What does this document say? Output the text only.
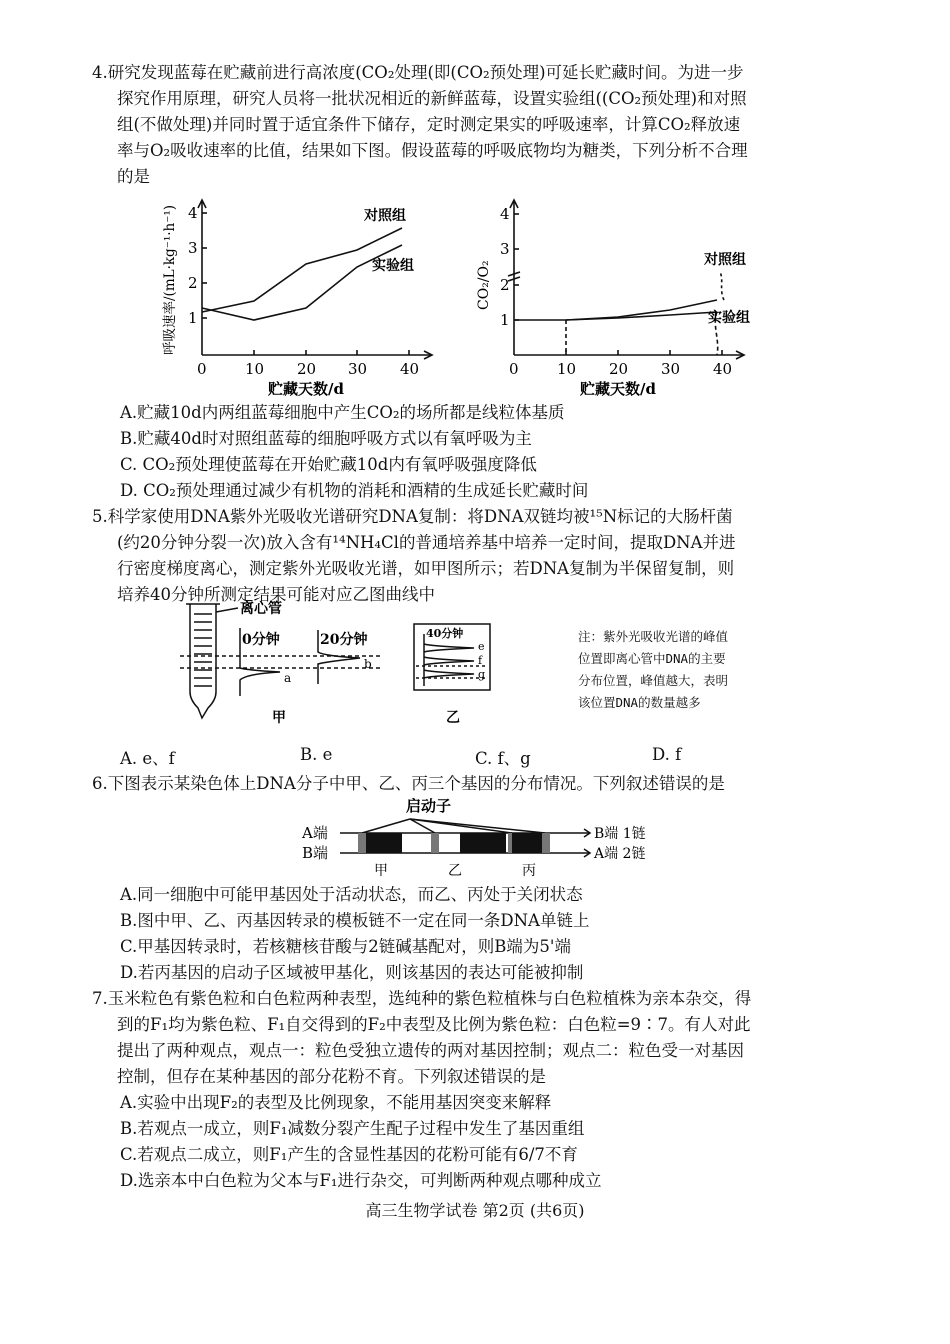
4.研究发现蓝莓在贮藏前进行高浓度(CO₂处理(即(CO₂预处理)可延长贮藏时间。为进一步
探究作用原理，研究人员将一批状况相近的新鲜蓝莓，设置实验组((CO₂预处理)和对照
组(不做处理)并同时置于适宜条件下储存，定时测定果实的呼吸速率，计算CO₂释放速
率与O₂吸收速率的比值，结果如下图。假设蓝莓的呼吸底物均为糖类，下列分析不合理
的是
呼吸速率/(mL·kg⁻¹·h⁻¹) 1
2
3
4
0	10 20 30 40
贮藏天数/d
对照组
实验组	CO₂/O₂
1
2
3
4
0	10 20 30 40
贮藏天数/d
对照组
实验组
A.贮藏10d内两组蓝莓细胞中产生CO₂的场所都是线粒体基质
B.贮藏40d时对照组蓝莓的细胞呼吸方式以有氧呼吸为主
C. CO₂预处理使蓝莓在开始贮藏10d内有氧呼吸强度降低
D. CO₂预处理通过减少有机物的消耗和酒精的生成延长贮藏时间
5.科学家使用DNA紫外光吸收光谱研究DNA复制：将DNA双链均被¹⁵N标记的大肠杆菌
(约20分钟分裂一次)放入含有¹⁴NH₄Cl的普通培养基中培养一定时间，提取DNA并进
行密度梯度离心，测定紫外光吸收光谱，如甲图所示；若DNA复制为半保留复制，则
培养40分钟所测定结果可能对应乙图曲线中
离心管
0分钟	20分钟
a
b
甲
40分钟
e
f
g
乙
注：紫外光吸收光谱的峰值
位置即离心管中DNA的主要
分布位置，峰值越大，表明
该位置DNA的数量越多
A. e、f	B. e	C. f、g	D. f
6.下图表示某染色体上DNA分子中甲、乙、丙三个基因的分布情况。下列叙述错误的是
启动子
A端
B端
B端 1链
A端 2链
甲	乙	丙
A.同一细胞中可能甲基因处于活动状态，而乙、丙处于关闭状态
B.图中甲、乙、丙基因转录的模板链不一定在同一条DNA单链上
C.甲基因转录时，若核糖核苷酸与2链碱基配对，则B端为5'端
D.若丙基因的启动子区域被甲基化，则该基因的表达可能被抑制
7.玉米粒色有紫色粒和白色粒两种表型，选纯种的紫色粒植株与白色粒植株为亲本杂交，得
到的F₁均为紫色粒、F₁自交得到的F₂中表型及比例为紫色粒：白色粒=9∶7。有人对此
提出了两种观点，观点一：粒色受独立遗传的两对基因控制；观点二：粒色受一对基因
控制，但存在某种基因的部分花粉不育。下列叙述错误的是
A.实验中出现F₂的表型及比例现象，不能用基因突变来解释
B.若观点一成立，则F₁减数分裂产生配子过程中发生了基因重组
C.若观点二成立，则F₁产生的含显性基因的花粉可能有6/7不育
D.选亲本中白色粒为父本与F₁进行杂交，可判断两种观点哪种成立
高三生物学试卷 第2页 (共6页)
